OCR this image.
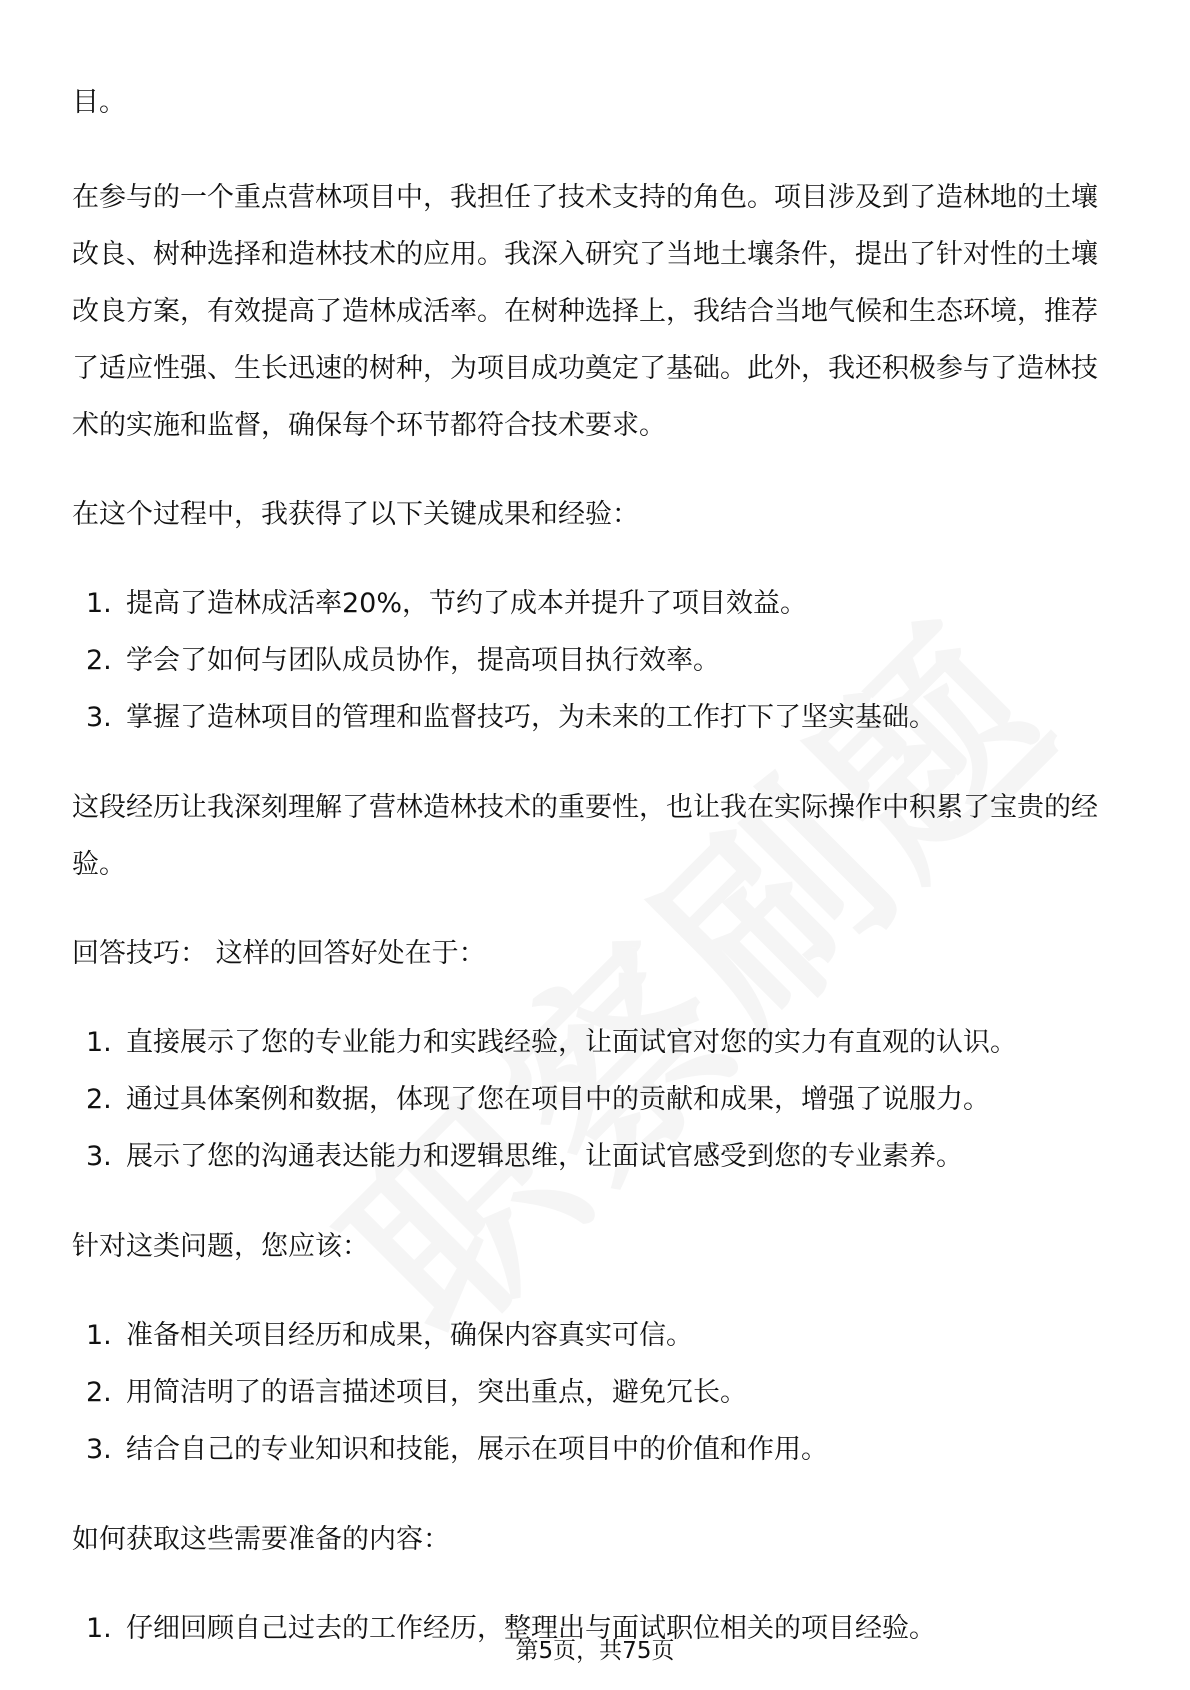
目。

在参与的一个重点营林项目中，我担任了技术支持的角色。项目涉及到了造林地的土壤改良、树种选择和造林技术的应用。我深入研究了当地土壤条件，提出了针对性的土壤改良方案，有效提高了造林成活率。在树种选择上，我结合当地气候和生态环境，推荐了适应性强、生长迅速的树种，为项目成功奠定了基础。此外，我还积极参与了造林技术的实施和监督，确保每个环节都符合技术要求。

在这个过程中，我获得了以下关键成果和经验：

1. 提高了造林成活率20%，节约了成本并提升了项目效益。
2. 学会了如何与团队成员协作，提高项目执行效率。
3. 掌握了造林项目的管理和监督技巧，为未来的工作打下了坚实基础。

这段经历让我深刻理解了营林造林技术的重要性，也让我在实际操作中积累了宝贵的经验。

回答技巧： 这样的回答好处在于：

1. 直接展示了您的专业能力和实践经验，让面试官对您的实力有直观的认识。
2. 通过具体案例和数据，体现了您在项目中的贡献和成果，增强了说服力。
3. 展示了您的沟通表达能力和逻辑思维，让面试官感受到您的专业素养。

针对这类问题，您应该：

1. 准备相关项目经历和成果，确保内容真实可信。
2. 用简洁明了的语言描述项目，突出重点，避免冗长。
3. 结合自己的专业知识和技能，展示在项目中的价值和作用。

如何获取这些需要准备的内容：

1. 仔细回顾自己过去的工作经历，整理出与面试职位相关的项目经验。
第5页，共75页
